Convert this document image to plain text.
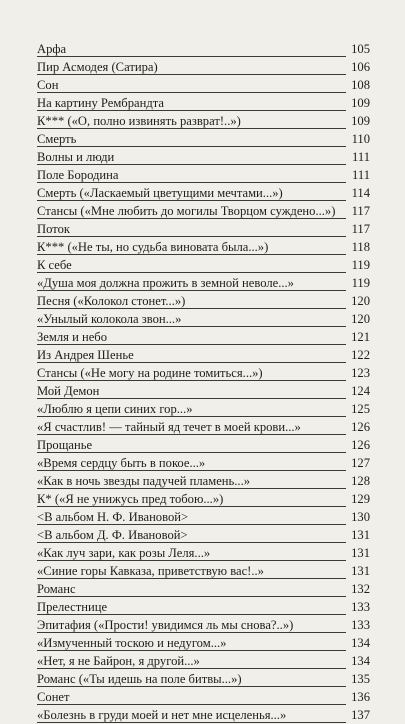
Арфа	105
Пир Асмодея (Сатира)	106
Сон	108
На картину Рембрандта	109
К*** («О, полно извинять разврат!..»)	109
Смерть	110
Волны и люди	111
Поле Бородина	111
Смерть («Ласкаемый цветущими мечтами...»)	114
Стансы («Мне любить до могилы Творцом суждено...»)	117
Поток	117
К*** («Не ты, но судьба виновата была...»)	118
К себе	119
«Душа моя должна прожить в земной неволе...»	119
Песня («Колокол стонет...»)	120
«Унылый колокола звон...»	120
Земля и небо	121
Из Андрея Шенье	122
Стансы («Не могу на родине томиться...»)	123
Мой Демон	124
«Люблю я цепи синих гор...»	125
«Я счастлив! — тайный яд течет в моей крови...»	126
Прощанье	126
«Время сердцу быть в покое...»	127
«Как в ночь звезды падучей пламень...»	128
К* («Я не унижусь пред тобою...»)	129
<В альбом Н. Ф. Ивановой>	130
<В альбом Д. Ф. Ивановой>	131
«Как луч зари, как розы Леля...»	131
«Синие горы Кавказа, приветствую вас!..»	131
Романс	132
Прелестнице	133
Эпитафия («Прости! увидимся ль мы снова?..»)	133
«Измученный тоскою и недугом...»	134
«Нет, я не Байрон, я другой...»	134
Романс («Ты идешь на поле битвы...»)	135
Сонет	136
«Болезнь в груди моей и нет мне исцеленья...»	137
